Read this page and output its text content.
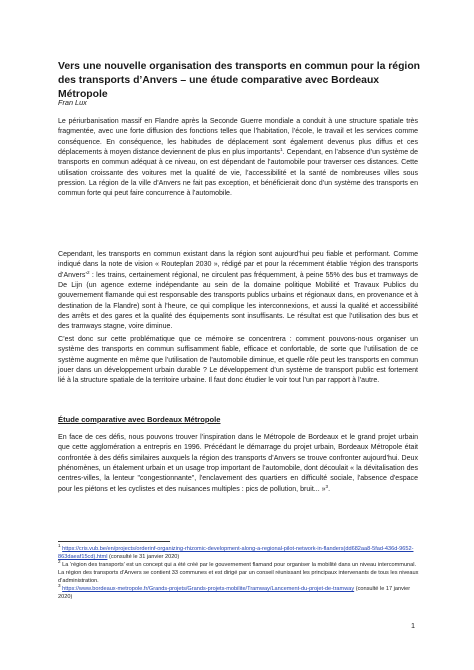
Vers une nouvelle organisation des transports en commun pour la région des transports d’Anvers – une étude comparative avec Bordeaux Métropole

Fran Lux

Le périurbanisation massif en Flandre après la Seconde Guerre mondiale a conduit à une structure spatiale très fragmentée, avec une forte diffusion des fonctions telles que l’habitation, l’école, le travail et les services comme conséquence. En conséquence, les habitudes de déplacement sont également devenus plus diffus et ces déplacements à moyen distance deviennent de plus en plus importants$^1$. Cependant, en l’absence d’un système de transports en commun adéquat à ce niveau, on est dépendant de l’automobile pour traverser ces distances. Cette utilisation croissante des voitures met la qualité de vie, l’accessibilité et la santé de nombreuses villes sous pression. La région de la ville d’Anvers ne fait pas exception, et bénéficierait donc d’un système des transports en commun forte qui peut faire concurrence à l’automobile.

Cependant, les transports en commun existant dans la région sont aujourd’hui peu fiable et performant. Comme indiqué dans la note de vision « Routeplan 2030 », rédigé par et pour la récemment établie ‘région des transports d’Anvers’$^2$ : les trains, certainement régional, ne circulent pas fréquemment, à peine 55% des bus et tramways de De Lijn (un agence externe indépendante au sein de la domaine politique Mobilité et Travaux Publics du gouvernement flamande qui est responsable des transports publics urbains et régionaux dans, en provenance et à destination de la Flandre) sont à l’heure, ce qui complique les interconnexions, et aussi la qualité et accessibilité des arrêts et des gares et la qualité des équipements sont insuffisants. Le résultat est que l’utilisation des bus et des tramways stagne, voire diminue.

C’est donc sur cette problématique que ce mémoire se concentrera : comment pouvons-nous organiser un système des transports en commun suffisamment fiable, efficace et confortable, de sorte que l’utilisation de ce système augmente en même que l’utilisation de l’automobile diminue, et quelle rôle peut les transports en commun jouer dans un développement urbain durable ? Le développement d’un système de transport public est fortement lié à la structure spatiale de la territoire urbaine. Il faut donc étudier le voir tout l’un par rapport à l’autre.

Étude comparative avec Bordeaux Métropole

En face de ces défis, nous pouvons trouver l’inspiration dans le Métropole de Bordeaux et le grand projet urbain que cette agglomération a entrepris en 1996. Précédant le démarrage du projet urbain, Bordeaux Métropole était confrontée à des défis similaires auxquels la région des transports d’Anvers se trouve confronter aujourd’hui. Deux phénomènes, un étalement urbain et un usage trop important de l’automobile, dont découlait « la dévitalisation des centres-villes, la lenteur "congestionnante", l'enclavement des quartiers en difficulté sociale, l'absence d'espace pour les piétons et les cyclistes et des nuisances multiples : pics de pollution, bruit... »$^3$.

$^1$ https://cris.vub.be/en/projects/orderinf-organizing-rhizomic-development-along-a-regional-pilot-network-in-flanders(dd682aa8-5fad-436d-9652-863daeaf15cd).html (consulté le 31 janvier 2020)

$^2$ La ‘région des transports’ est un concept qui a été créé par le gouvernement flamand pour organiser la mobilité dans un niveau intercommunal. La région des transports d’Anvers se contient 33 communes et est dirigé par un conseil réunissant les principaux intervenants de tous les niveaux d’administration.

$^3$ https://www.bordeaux-metropole.fr/Grands-projets/Grands-projets-mobilite/Tramway/Lancement-du-projet-de-tramway (consulté le 17 janvier 2020)

1
